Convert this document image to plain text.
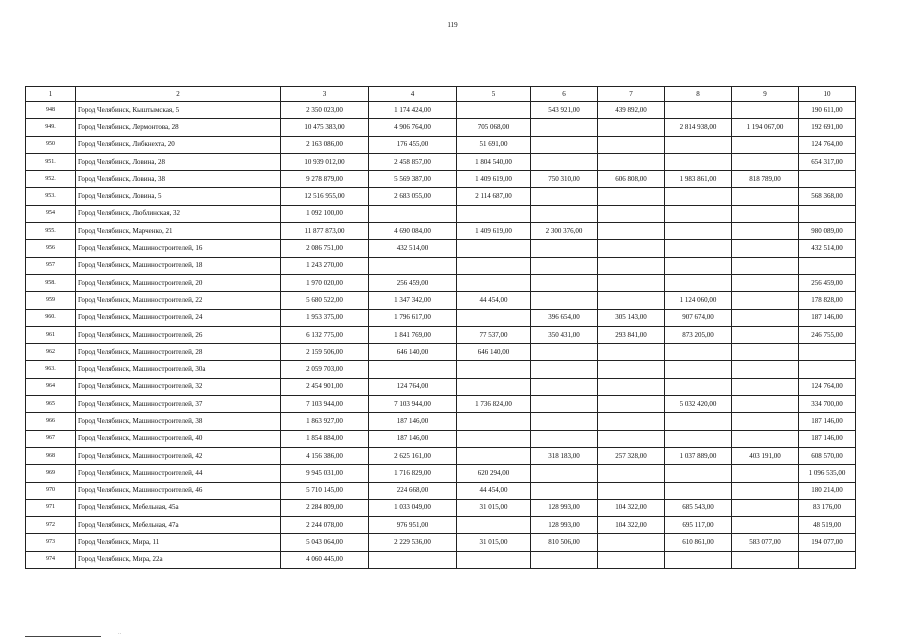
119
1	2	3	4	5	6	7	8	9	10
948	Город Челябинск, Кыштымская, 5	2 350 023,00	1 174 424,00		543 921,00	439 892,00			190 611,00
949.	Город Челябинск, Лермонтова, 28	10 475 383,00	4 906 764,00	705 068,00			2 814 938,00	1 194 067,00	192 691,00
950	Город Челябинск, Либкнехта, 20	2 163 086,00	176 455,00	51 691,00					124 764,00
951.	Город Челябинск, Ловина, 28	10 939 012,00	2 458 857,00	1 804 540,00					654 317,00
952.	Город Челябинск, Ловина, 38	9 278 879,00	5 569 387,00	1 409 619,00	750 310,00	606 808,00	1 983 861,00	818 789,00	
953.	Город Челябинск, Ловина, 5	12 516 955,00	2 683 055,00	2 114 687,00					568 368,00
954	Город Челябинск, Люблинская, 32	1 092 100,00							
955.	Город Челябинск, Марченко, 21	11 877 873,00	4 690 084,00	1 409 619,00	2 300 376,00				980 089,00
956	Город Челябинск, Машиностроителей, 16	2 086 751,00	432 514,00						432 514,00
957	Город Челябинск, Машиностроителей, 18	1 243 270,00							
958.	Город Челябинск, Машиностроителей, 20	1 970 020,00	256 459,00						256 459,00
959	Город Челябинск, Машиностроителей, 22	5 680 522,00	1 347 342,00	44 454,00			1 124 060,00		178 828,00
960.	Город Челябинск, Машиностроителей, 24	1 953 375,00	1 796 617,00		396 654,00	305 143,00	907 674,00		187 146,00
961	Город Челябинск, Машиностроителей, 26	6 132 775,00	1 841 769,00	77 537,00	350 431,00	293 841,00	873 205,00		246 755,00
962	Город Челябинск, Машиностроителей, 28	2 159 506,00	646 140,00	646 140,00					
963.	Город Челябинск, Машиностроителей, 30а	2 059 703,00							
964	Город Челябинск, Машиностроителей, 32	2 454 901,00	124 764,00						124 764,00
965	Город Челябинск, Машиностроителей, 37	7 103 944,00	7 103 944,00	1 736 824,00			5 032 420,00		334 700,00
966	Город Челябинск, Машиностроителей, 38	1 863 927,00	187 146,00						187 146,00
967	Город Челябинск, Машиностроителей, 40	1 854 884,00	187 146,00						187 146,00
968	Город Челябинск, Машиностроителей, 42	4 156 386,00	2 625 161,00		318 183,00	257 328,00	1 037 889,00	403 191,00	608 570,00
969	Город Челябинск, Машиностроителей, 44	9 945 031,00	1 716 829,00	620 294,00					1 096 535,00
970	Город Челябинск, Машиностроителей, 46	5 710 145,00	224 668,00	44 454,00					180 214,00
971	Город Челябинск, Мебельная, 45а	2 284 809,00	1 033 049,00	31 015,00	128 993,00	104 322,00	685 543,00		83 176,00
972	Город Челябинск, Мебельная, 47а	2 244 078,00	976 951,00		128 993,00	104 322,00	695 117,00		48 519,00
973	Город Челябинск, Мира, 11	5 043 064,00	2 229 536,00	31 015,00	810 506,00		610 861,00	583 077,00	194 077,00
974	Город Челябинск, Мира, 22а	4 060 445,00							
··
